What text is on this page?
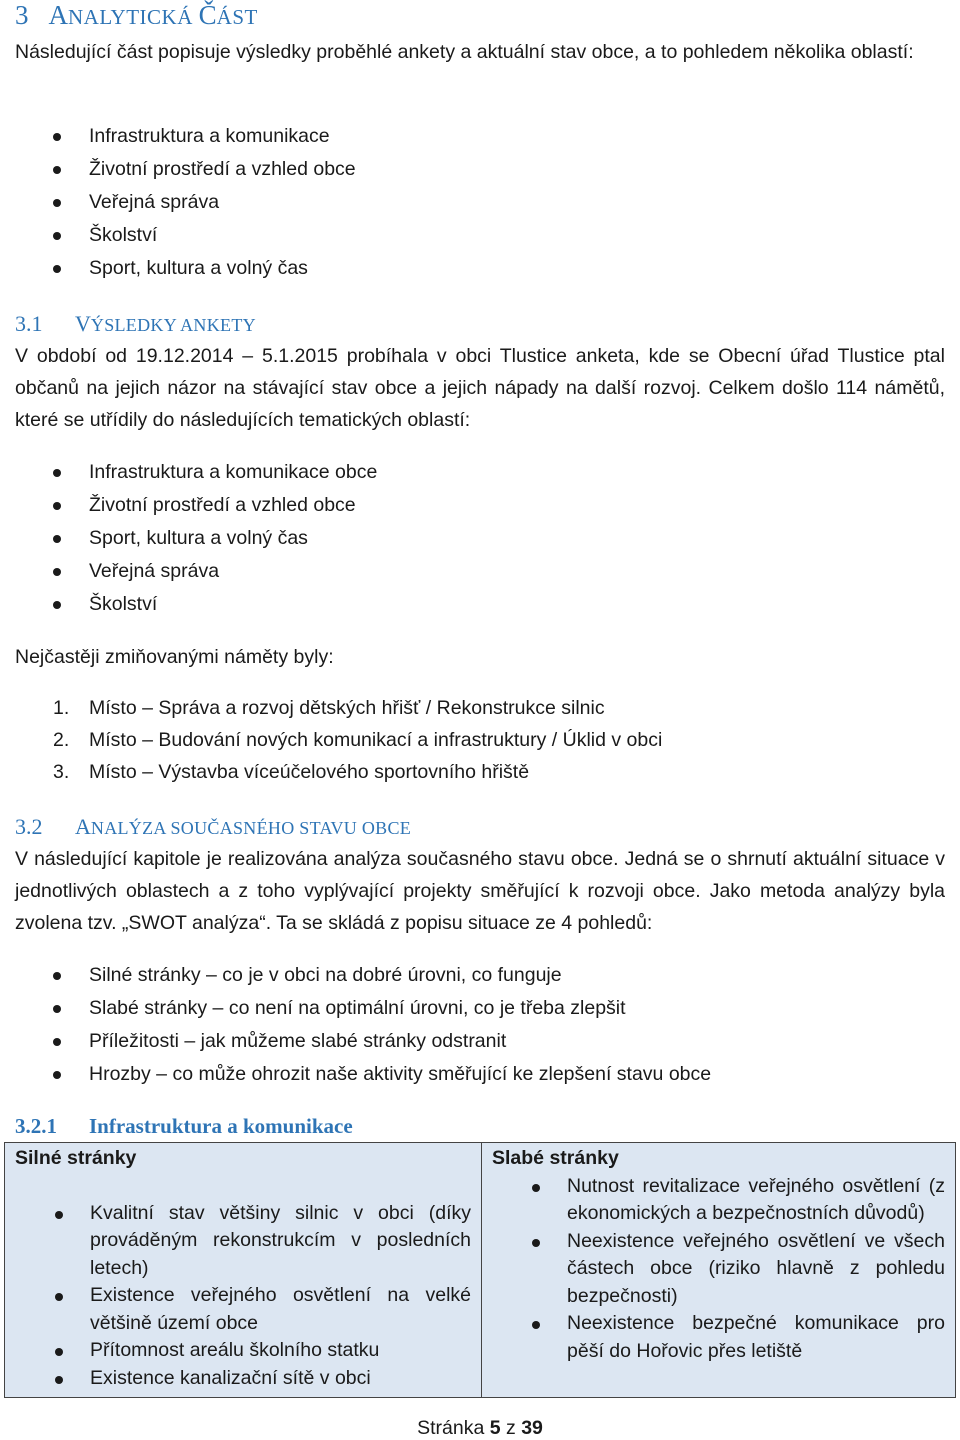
3 ANALYTICKÁ ČÁST

Následující část popisuje výsledky proběhlé ankety a aktuální stav obce, a to pohledem několika oblastí:

Infrastruktura a komunikace
Životní prostředí a vzhled obce
Veřejná správa
Školství
Sport, kultura a volný čas
3.1 VÝSLEDKY ANKETY

V období od 19.12.2014 – 5.1.2015 probíhala v obci Tlustice anketa, kde se Obecní úřad Tlustice ptal občanů na jejich názor na stávající stav obce a jejich nápady na další rozvoj. Celkem došlo 114 námětů, které se utřídily do následujících tematických oblastí:

Infrastruktura a komunikace obce
Životní prostředí a vzhled obce
Sport, kultura a volný čas
Veřejná správa
Školství

Nejčastěji zmiňovanými náměty byly:

1. Místo – Správa a rozvoj dětských hřišť / Rekonstrukce silnic
2. Místo – Budování nových komunikací a infrastruktury / Úklid v obci
3. Místo – Výstavba víceúčelového sportovního hřiště
3.2 ANALÝZA SOUČASNÉHO STAVU OBCE

V následující kapitole je realizována analýza současného stavu obce. Jedná se o shrnutí aktuální situace v jednotlivých oblastech a z toho vyplývající projekty směřující k rozvoji obce. Jako metoda analýzy byla zvolena tzv. „SWOT analýza“. Ta se skládá z popisu situace ze 4 pohledů:

Silné stránky – co je v obci na dobré úrovni, co funguje
Slabé stránky – co není na optimální úrovni, co je třeba zlepšit
Příležitosti – jak můžeme slabé stránky odstranit
Hrozby – co může ohrozit naše aktivity směřující ke zlepšení stavu obce
3.2.1 Infrastruktura a komunikace
Silné stránky
Kvalitní stav většiny silnic v obci (díky prováděným rekonstrukcím v posledních letech)
Existence veřejného osvětlení na velké většině území obce
Přítomnost areálu školního statku
Existence kanalizační sítě v obci

Slabé stránky
Nutnost revitalizace veřejného osvětlení (z ekonomických a bezpečnostních důvodů)
Neexistence veřejného osvětlení ve všech částech obce (riziko hlavně z pohledu bezpečnosti)
Neexistence bezpečné komunikace pro pěší do Hořovic přes letiště
Stránka 5 z 39
